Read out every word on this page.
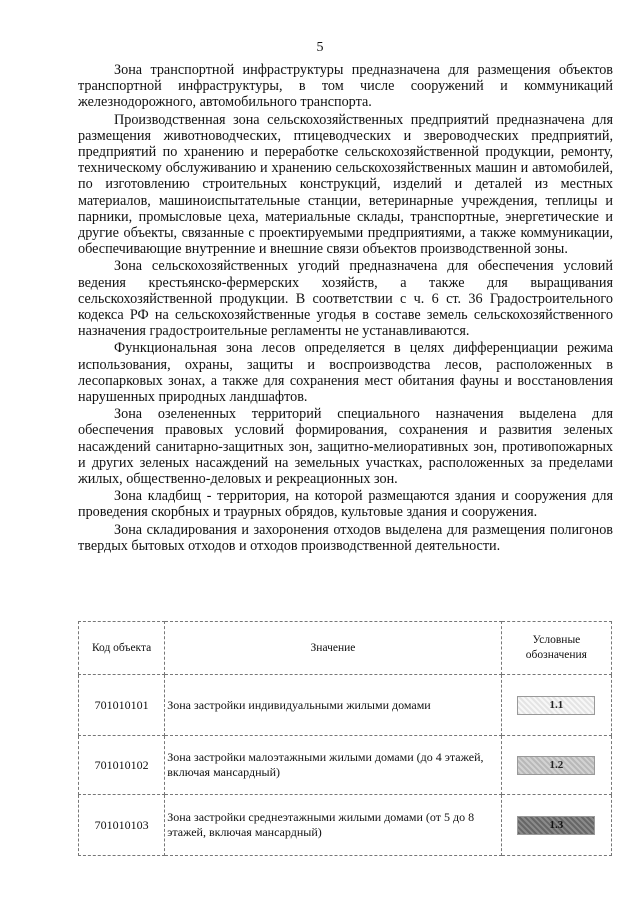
5

Зона транспортной инфраструктуры предназначена для размещения объектов транспортной инфраструктуры, в том числе сооружений и коммуникаций железнодорожного, автомобильного транспорта.

Производственная зона сельскохозяйственных предприятий предназначена для размещения животноводческих, птицеводческих и звероводческих предприятий, предприятий по хранению и переработке сельскохозяйственной продукции, ремонту, техническому обслуживанию и хранению сельскохозяйственных машин и автомобилей, по изготовлению строительных конструкций, изделий и деталей из местных материалов, машиноиспытательные станции, ветеринарные учреждения, теплицы и парники, промысловые цеха, материальные склады, транспортные, энергетические и другие объекты, связанные с проектируемыми предприятиями, а также коммуникации, обеспечивающие внутренние и внешние связи объектов производственной зоны.

Зона сельскохозяйственных угодий предназначена для обеспечения условий ведения крестьянско-фермерских хозяйств, а также для выращивания сельскохозяйственной продукции. В соответствии с ч. 6 ст. 36 Градостроительного кодекса РФ на сельскохозяйственные угодья в составе земель сельскохозяйственного назначения градостроительные регламенты не устанавливаются.

Функциональная зона лесов определяется в целях дифференциации режима использования, охраны, защиты и воспроизводства лесов, расположенных в лесопарковых зонах, а также для сохранения мест обитания фауны и восстановления нарушенных природных ландшафтов.

Зона озелененных территорий специального назначения выделена для обеспечения правовых условий формирования, сохранения и развития зеленых насаждений санитарно-защитных зон, защитно-мелиоративных зон, противопожарных и других зеленых насаждений на земельных участках, расположенных за пределами жилых, общественно-деловых и рекреационных зон.

Зона кладбищ - территория, на которой размещаются здания и сооружения для проведения скорбных и траурных обрядов, культовые здания и сооружения.

Зона складирования и захоронения отходов выделена для размещения полигонов твердых бытовых отходов и отходов производственной деятельности.

Код объекта	Значение	Условные обозначения
701010101	Зона застройки индивидуальными жилыми домами	1.1
701010102	Зона застройки малоэтажными жилыми домами (до 4 этажей, включая мансардный)	1.2
701010103	Зона застройки среднеэтажными жилыми домами (от 5 до 8 этажей, включая мансардный)	1.3
